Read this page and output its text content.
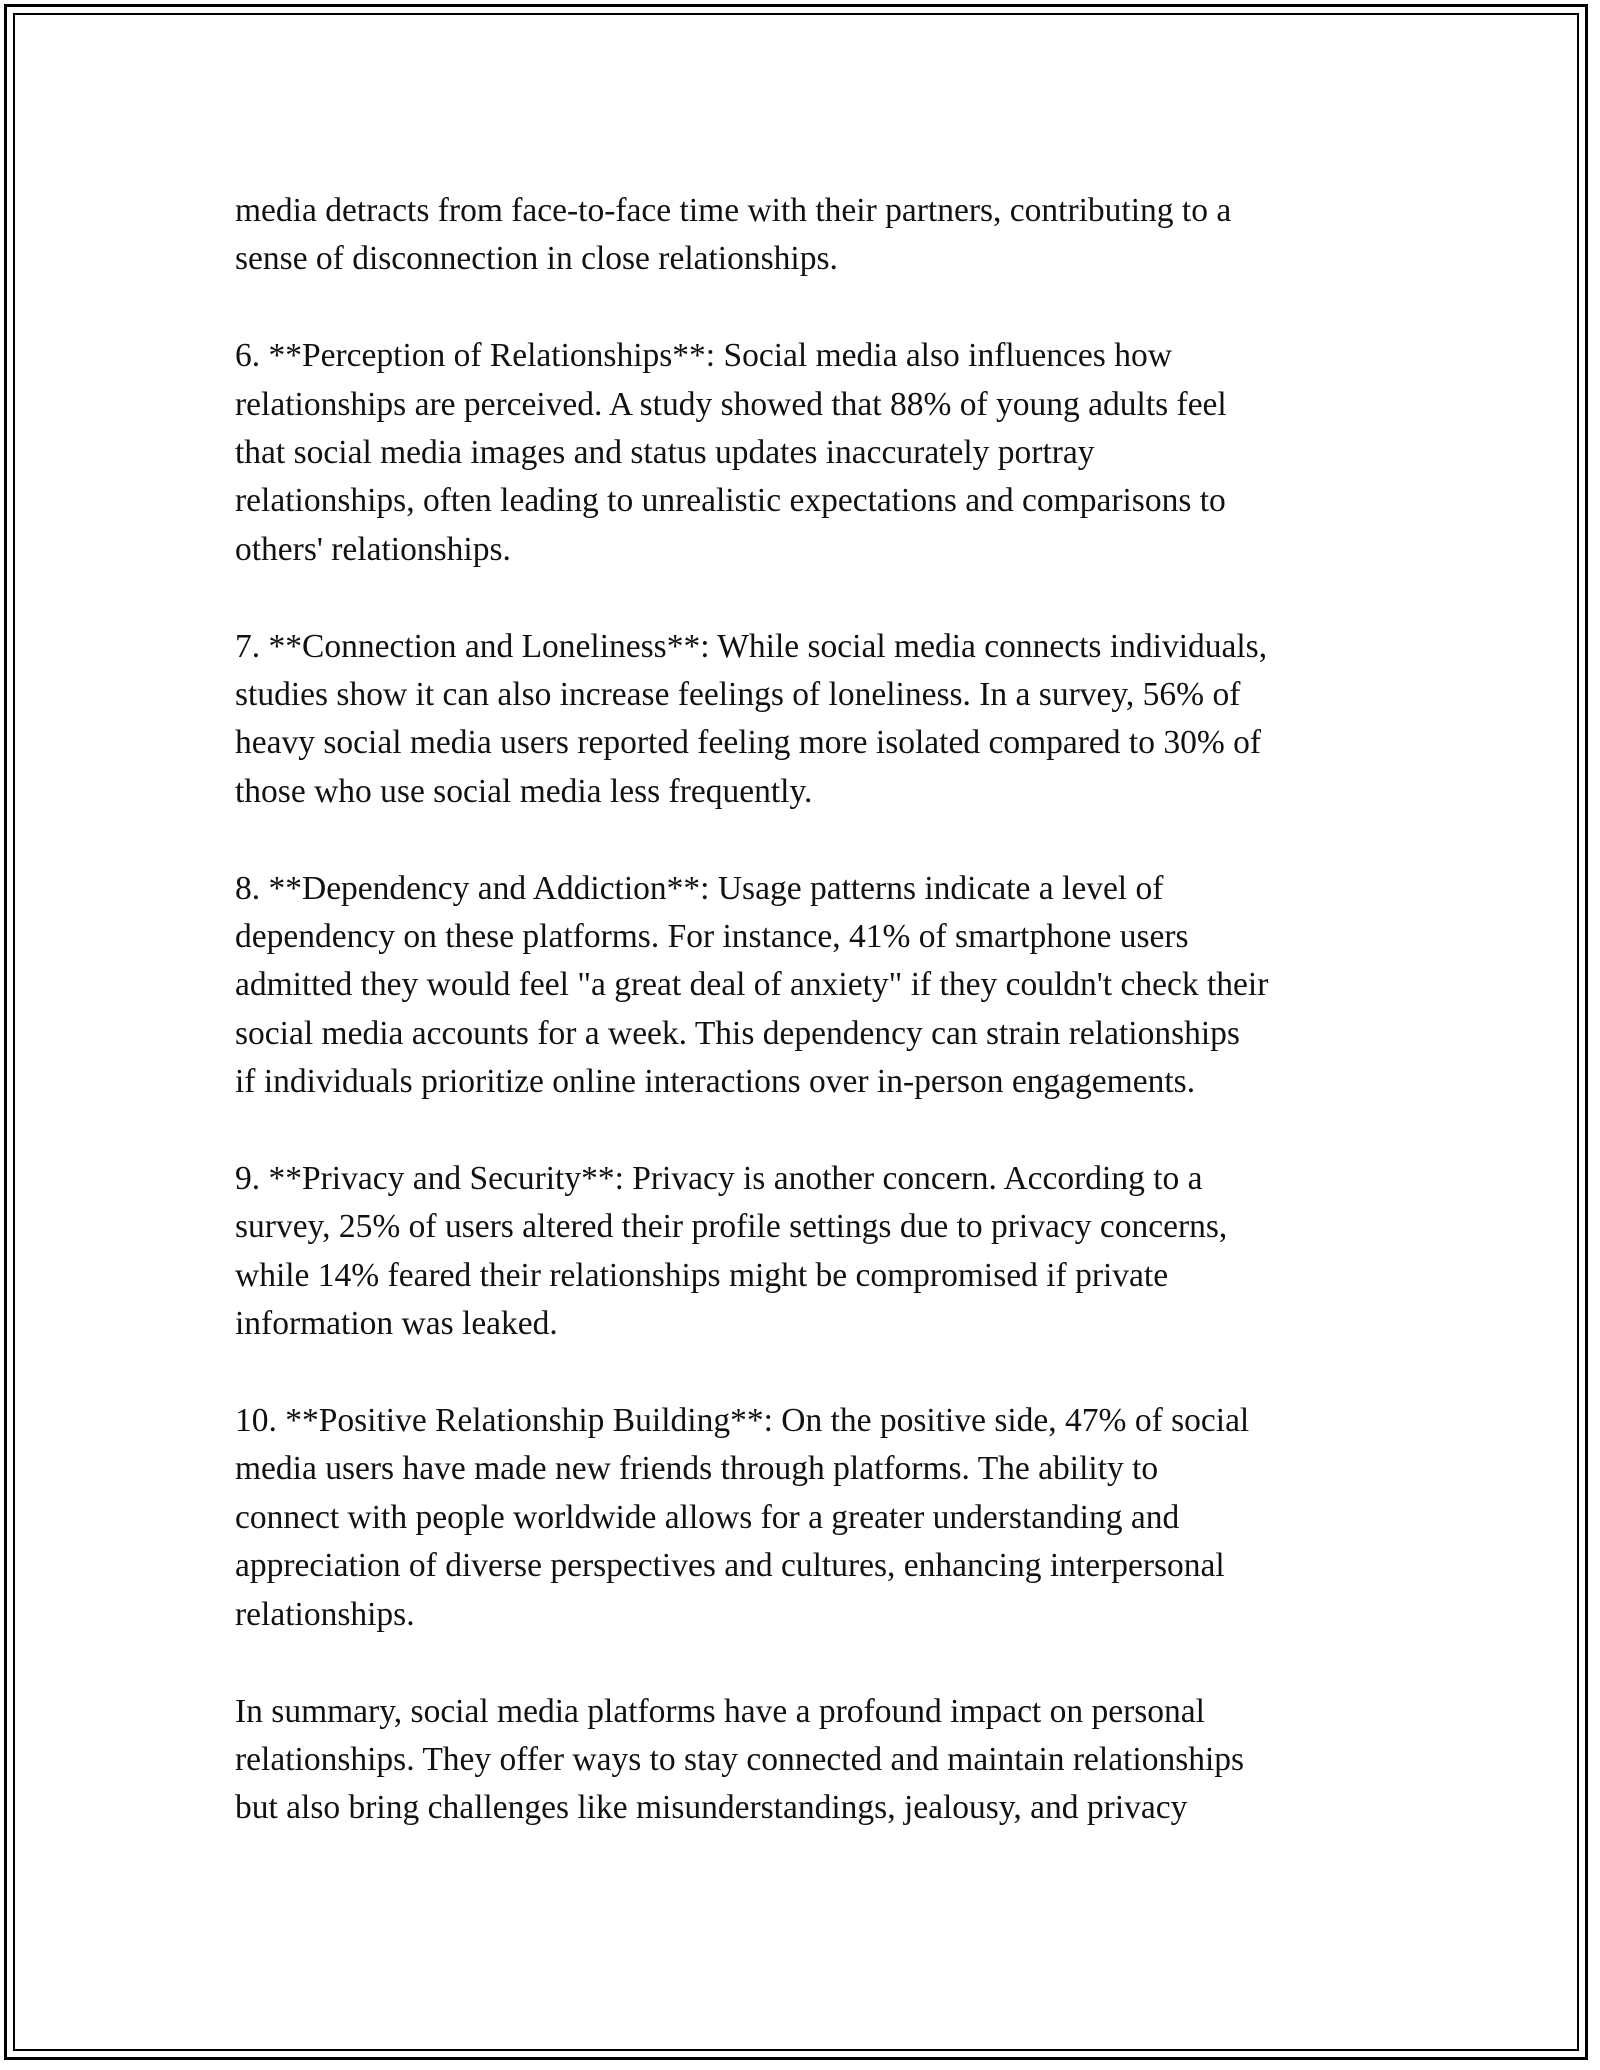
media detracts from face-to-face time with their partners, contributing to a
sense of disconnection in close relationships.

6. **Perception of Relationships**: Social media also influences how
relationships are perceived. A study showed that 88% of young adults feel
that social media images and status updates inaccurately portray
relationships, often leading to unrealistic expectations and comparisons to
others' relationships.

7. **Connection and Loneliness**: While social media connects individuals,
studies show it can also increase feelings of loneliness. In a survey, 56% of
heavy social media users reported feeling more isolated compared to 30% of
those who use social media less frequently.

8. **Dependency and Addiction**: Usage patterns indicate a level of
dependency on these platforms. For instance, 41% of smartphone users
admitted they would feel "a great deal of anxiety" if they couldn't check their
social media accounts for a week. This dependency can strain relationships
if individuals prioritize online interactions over in-person engagements.

9. **Privacy and Security**: Privacy is another concern. According to a
survey, 25% of users altered their profile settings due to privacy concerns,
while 14% feared their relationships might be compromised if private
information was leaked.

10. **Positive Relationship Building**: On the positive side, 47% of social
media users have made new friends through platforms. The ability to
connect with people worldwide allows for a greater understanding and
appreciation of diverse perspectives and cultures, enhancing interpersonal
relationships.

In summary, social media platforms have a profound impact on personal
relationships. They offer ways to stay connected and maintain relationships
but also bring challenges like misunderstandings, jealousy, and privacy
